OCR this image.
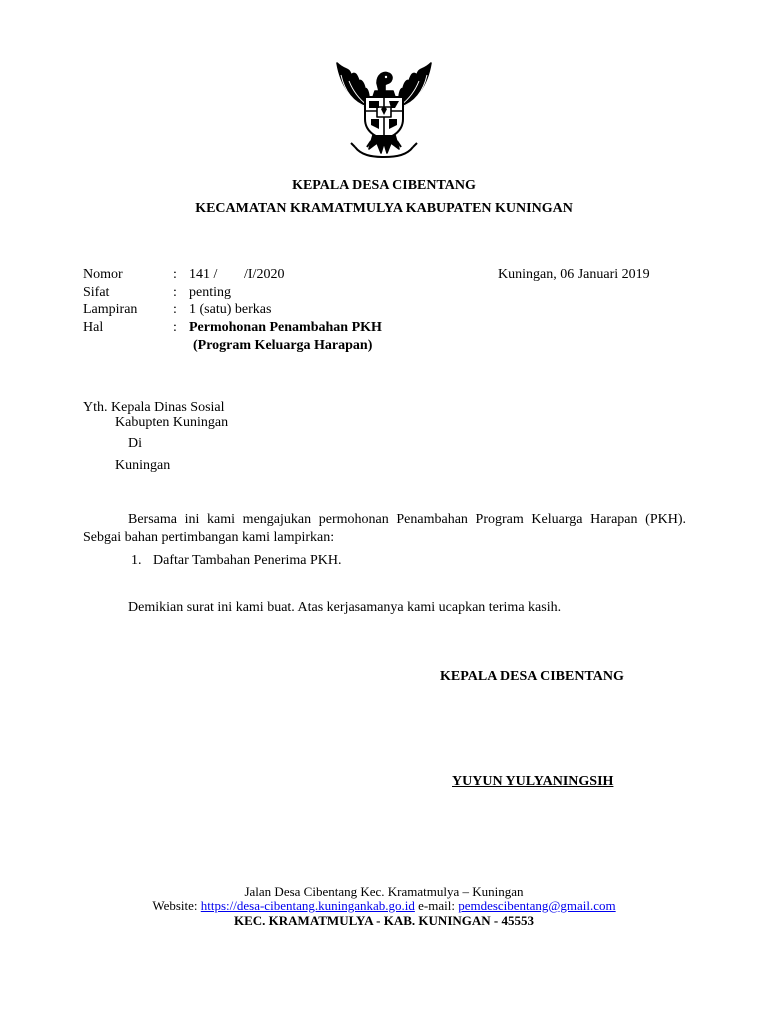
KEPALA DESA CIBENTANG
KECAMATAN KRAMATMULYA KABUPATEN KUNINGAN
Nomor	: 141 / /I/2020	Kuningan, 06 Januari 2019
Sifat	: penting
Lampiran	: 1 (satu) berkas
Hal	: Permohonan Penambahan PKH
(Program Keluarga Harapan)
Yth. Kepala Dinas Sosial
Kabupten Kuningan
Di
Kuningan
Bersama ini kami mengajukan permohonan Penambahan Program Keluarga Harapan (PKH). Sebgai bahan pertimbangan kami lampirkan:
1. Daftar Tambahan Penerima PKH.
Demikian surat ini kami buat. Atas kerjasamanya kami ucapkan terima kasih.
KEPALA DESA CIBENTANG
YUYUN YULYANINGSIH
Jalan Desa Cibentang Kec. Kramatmulya – Kuningan
Website: https://desa-cibentang.kuningankab.go.id e-mail: pemdescibentang@gmail.com
KEC. KRAMATMULYA - KAB. KUNINGAN - 45553
